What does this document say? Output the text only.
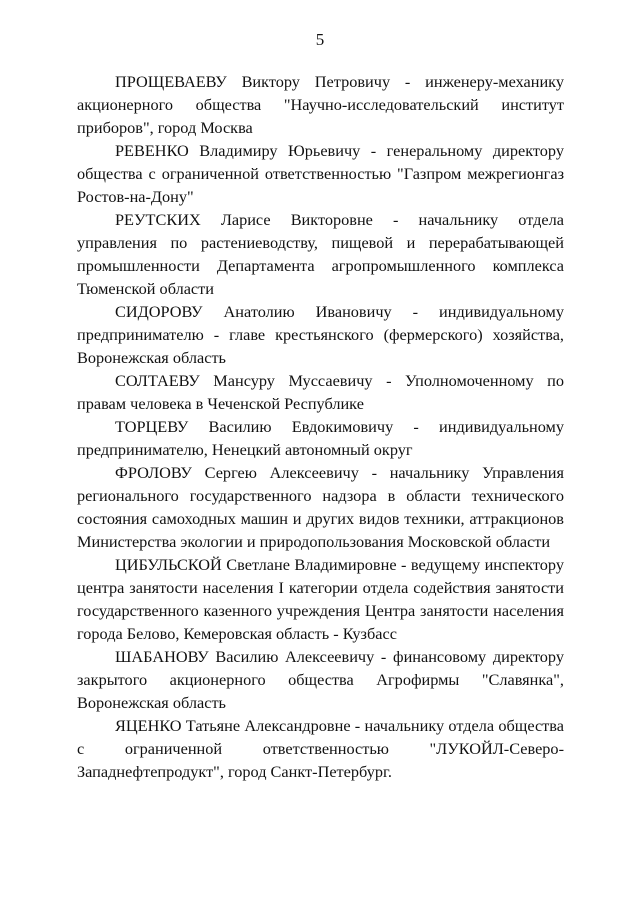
5

ПРОЩЕВАЕВУ Виктору Петровичу - инженеру-механику акционерного общества "Научно-исследовательский институт приборов", город Москва

РЕВЕНКО Владимиру Юрьевичу - генеральному директору общества с ограниченной ответственностью "Газпром межрегионгаз Ростов-на-Дону"

РЕУТСКИХ Ларисе Викторовне - начальнику отдела управления по растениеводству, пищевой и перерабатывающей промышленности Департамента агропромышленного комплекса Тюменской области

СИДОРОВУ Анатолию Ивановичу - индивидуальному предпринимателю - главе крестьянского (фермерского) хозяйства, Воронежская область

СОЛТАЕВУ Мансуру Муссаевичу - Уполномоченному по правам человека в Чеченской Республике

ТОРЦЕВУ Василию Евдокимовичу - индивидуальному предпринимателю, Ненецкий автономный округ

ФРОЛОВУ Сергею Алексеевичу - начальнику Управления регионального государственного надзора в области технического состояния самоходных машин и других видов техники, аттракционов Министерства экологии и природопользования Московской области

ЦИБУЛЬСКОЙ Светлане Владимировне - ведущему инспектору центра занятости населения I категории отдела содействия занятости государственного казенного учреждения Центра занятости населения города Белово, Кемеровская область - Кузбасс

ШАБАНОВУ Василию Алексеевичу - финансовому директору закрытого акционерного общества Агрофирмы "Славянка", Воронежская область

ЯЦЕНКО Татьяне Александровне - начальнику отдела общества с ограниченной ответственностью "ЛУКОЙЛ-Северо-Западнефтепродукт", город Санкт-Петербург.
